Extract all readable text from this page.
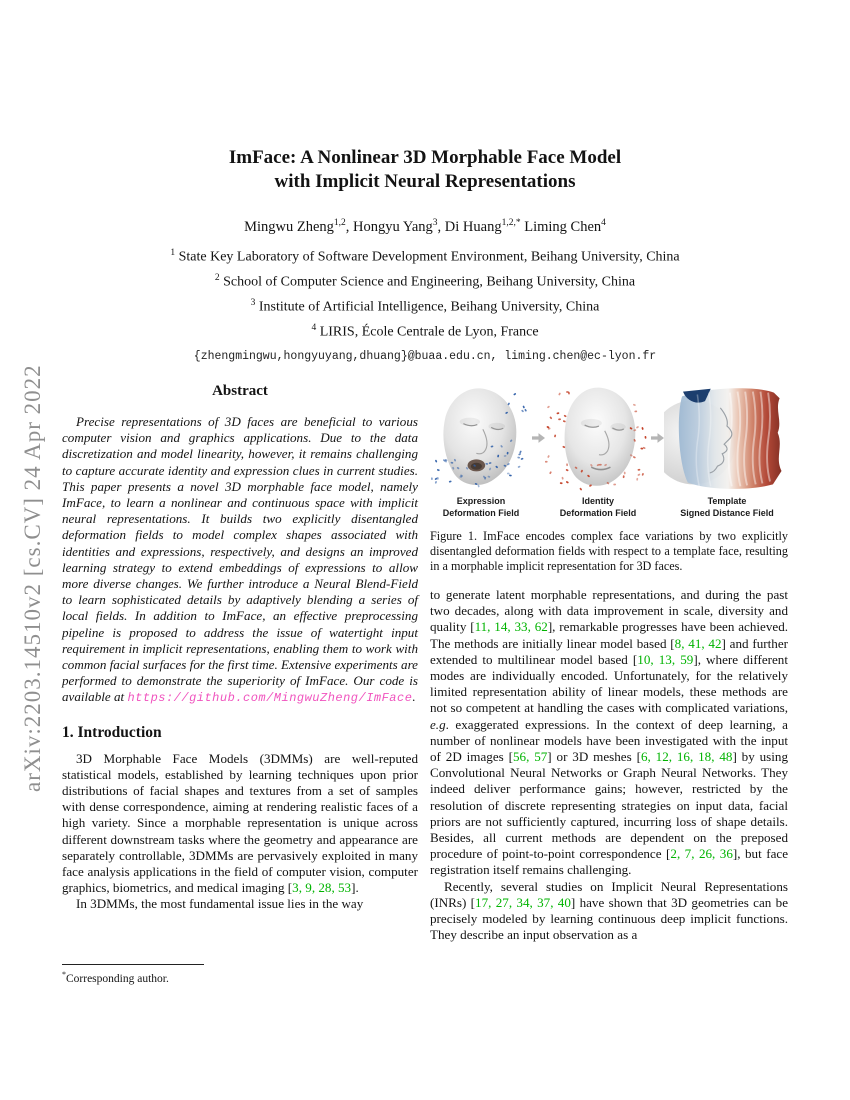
arXiv:2203.14510v2 [cs.CV] 24 Apr 2022
ImFace: A Nonlinear 3D Morphable Face Model
with Implicit Neural Representations
Mingwu Zheng$^{1,2}$, Hongyu Yang$^3$, Di Huang$^{1,2,*}$ Liming Chen$^4$
$^1$ State Key Laboratory of Software Development Environment, Beihang University, China
$^2$ School of Computer Science and Engineering, Beihang University, China
$^3$ Institute of Artificial Intelligence, Beihang University, China
$^4$ LIRIS, École Centrale de Lyon, France
{zhengmingwu,hongyuyang,dhuang}@buaa.edu.cn, liming.chen@ec-lyon.fr
Abstract

Precise representations of 3D faces are beneficial to various computer vision and graphics applications. Due to the data discretization and model linearity, however, it remains challenging to capture accurate identity and expression clues in current studies. This paper presents a novel 3D morphable face model, namely ImFace, to learn a nonlinear and continuous space with implicit neural representations. It builds two explicitly disentangled deformation fields to model complex shapes associated with identities and expressions, respectively, and designs an improved learning strategy to extend embeddings of expressions to allow more diverse changes. We further introduce a Neural Blend-Field to learn sophisticated details by adaptively blending a series of local fields. In addition to ImFace, an effective preprocessing pipeline is proposed to address the issue of watertight input requirement in implicit representations, enabling them to work with common facial surfaces for the first time. Extensive experiments are performed to demonstrate the superiority of ImFace. Our code is available at https://github.com/MingwuZheng/ImFace.

1. Introduction

3D Morphable Face Models (3DMMs) are well-reputed statistical models, established by learning techniques upon prior distributions of facial shapes and textures from a set of samples with dense correspondence, aiming at rendering realistic faces of a high variety. Since a morphable representation is unique across different downstream tasks where the geometry and appearance are separately controllable, 3DMMs are pervasively exploited in many face analysis applications in the field of computer vision, computer graphics, biometrics, and medical imaging [3, 9, 28, 53].

In 3DMMs, the most fundamental issue lies in the way

*Corresponding author.
Expression
Deformation Field
Identity
Deformation Field
Template
Signed Distance Field
Figure 1. ImFace encodes complex face variations by two explicitly disentangled deformation fields with respect to a template face, resulting in a morphable implicit representation for 3D faces.

to generate latent morphable representations, and during the past two decades, along with data improvement in scale, diversity and quality [11, 14, 33, 62], remarkable progresses have been achieved. The methods are initially linear model based [8, 41, 42] and further extended to multilinear model based [10, 13, 59], where different modes are individually encoded. Unfortunately, for the relatively limited representation ability of linear models, these methods are not so competent at handling the cases with complicated variations, e.g. exaggerated expressions. In the context of deep learning, a number of nonlinear models have been investigated with the input of 2D images [56, 57] or 3D meshes [6, 12, 16, 18, 48] by using Convolutional Neural Networks or Graph Neural Networks. They indeed deliver performance gains; however, restricted by the resolution of discrete representing strategies on input data, facial priors are not sufficiently captured, incurring loss of shape details. Besides, all current methods are dependent on the preposed procedure of point-to-point correspondence [2, 7, 26, 36], but face registration itself remains challenging.

Recently, several studies on Implicit Neural Representations (INRs) [17, 27, 34, 37, 40] have shown that 3D geometries can be precisely modeled by learning continuous deep implicit functions. They describe an input observation as a
